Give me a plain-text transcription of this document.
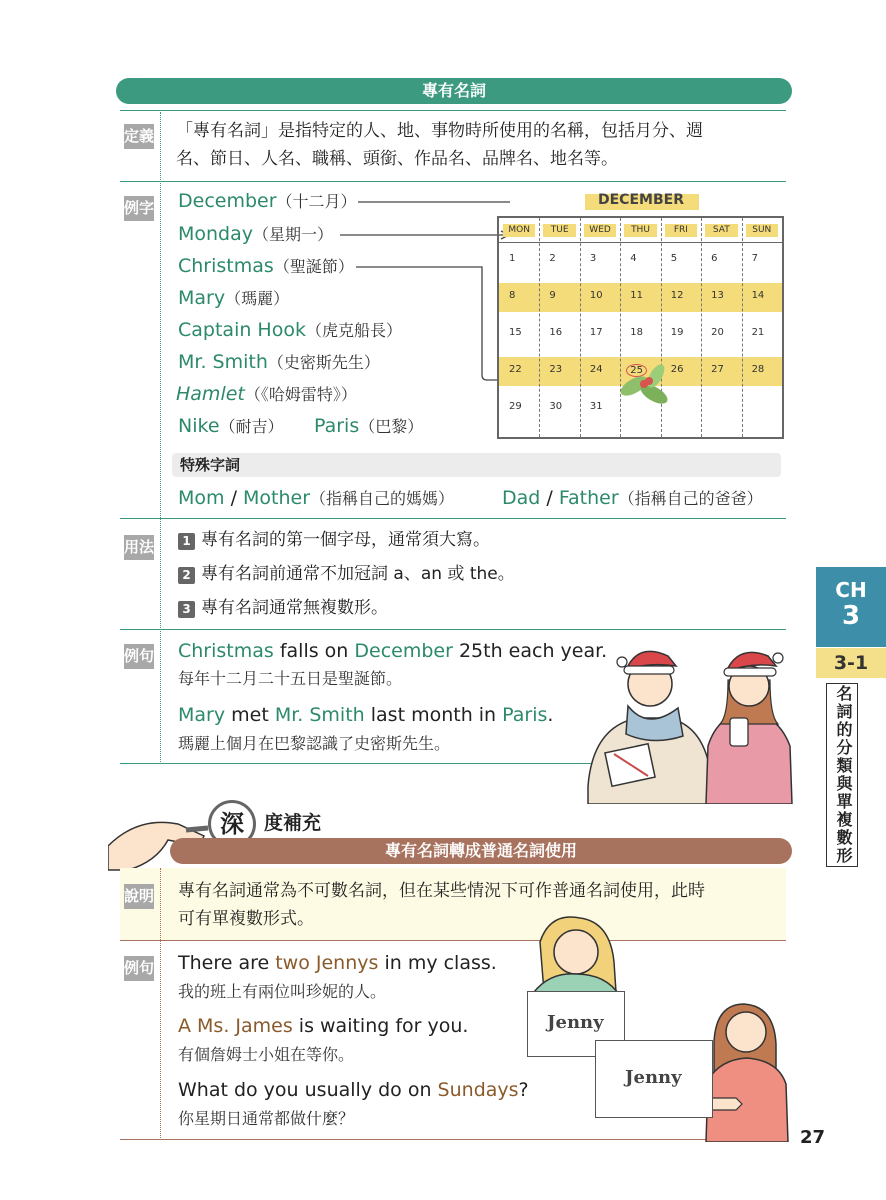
專有名詞
定義 「專有名詞」是指特定的人、地、事物時所使用的名稱，包括月分、週
名、節日、人名、職稱、頭銜、作品名、品牌名、地名等。
例字 December（十二月）
Monday（星期一）
Christmas（聖誕節）
Mary（瑪麗）
Captain Hook（虎克船長）
Mr. Smith（史密斯先生）
Hamlet（《哈姆雷特》）
Nike（耐吉） Paris（巴黎）
DECEMBER
MON	TUE	WED	THU	FRI	SAT	SUN
1	2	3	4	5	6	7
8	9	10	11	12	13	14
15	16	17	18	19	20	21
22	23	24	25	26	27	28
29	30	31
特殊字詞
Mom / Mother（指稱自己的媽媽）	Dad / Father（指稱自己的爸爸）
用法	1 專有名詞的第一個字母，通常須大寫。
2 專有名詞前通常不加冠詞 a、an 或 the。
3 專有名詞通常無複數形。
例句 Christmas falls on December 25th each year.
每年十二月二十五日是聖誕節。
Mary met Mr. Smith last month in Paris.
瑪麗上個月在巴黎認識了史密斯先生。
深	度補充
專有名詞轉成普通名詞使用
說明 專有名詞通常為不可數名詞，但在某些情況下可作普通名詞使用，此時
可有單複數形式。
例句 There are two Jennys in my class.
我的班上有兩位叫珍妮的人。
A Ms. James is waiting for you.
有個詹姆士小姐在等你。
What do you usually do on Sundays?
你星期日通常都做什麼？
Jenny
Jenny
CH
3
3-1
名詞的分類與單複數形
27
